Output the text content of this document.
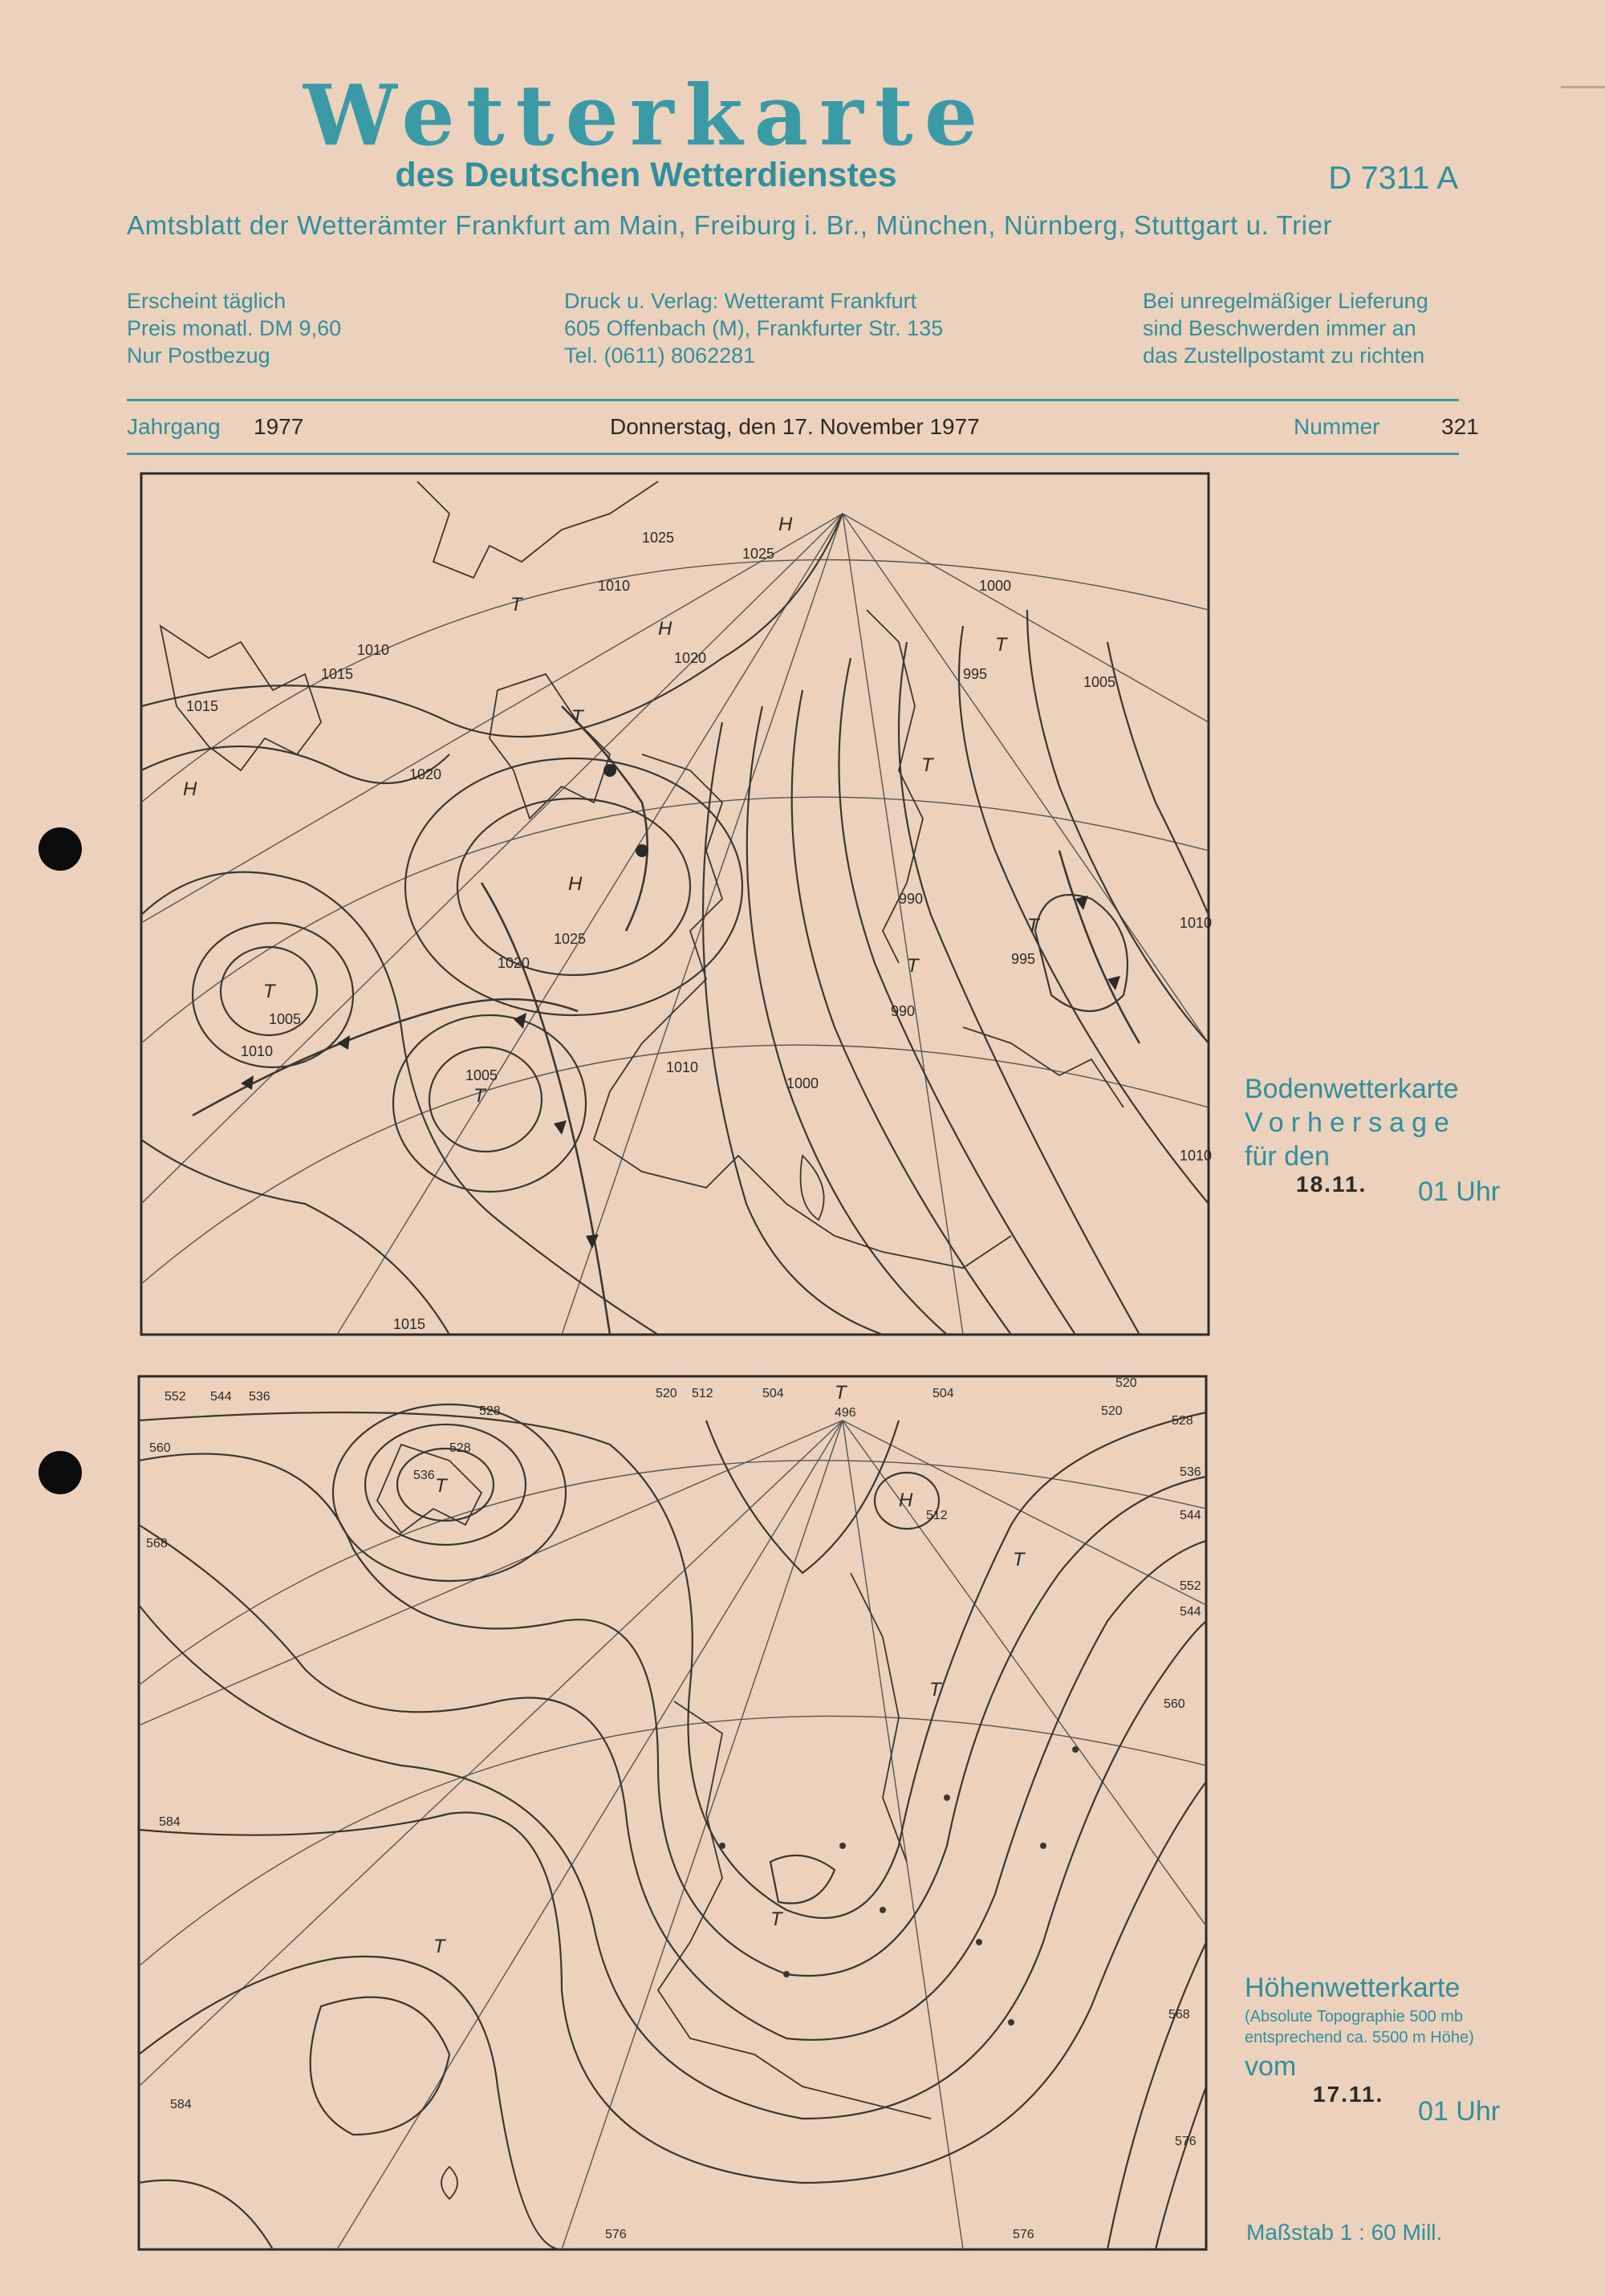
Wetterkarte
des Deutschen Wetterdienstes	D 7311 A
Amtsblatt der Wetterämter Frankfurt am Main, Freiburg i. Br., München, Nürnberg, Stuttgart u. Trier
Erscheint täglich
Preis monatl. DM 9,60
Nur Postbezug
Druck u. Verlag: Wetteramt Frankfurt
605 Offenbach (M), Frankfurter Str. 135
Tel. (0611) 8062281
Bei unregelmäßiger Lieferung
sind Beschwerden immer an
das Zustellpostamt zu richten
Jahrgang 1977	Donnerstag, den 17. November 1977	Nummer	321
1015
1020
1025
1010
1005
1000
995
990
1020
1025
1010
1005	1010
1015
1020
1025
1010
1005
1000
990
995
1010
1010
1015
H
T
T
H
T
T
T
H
T
T
T
H
552 544 536
528
520 512	504
496
504
512
520
528
536
544
552
560
568
576
584
584
576	576
568
560
544
536
528
520
T
T
H
T
T
T
T
Bodenwetterkarte
Vorhersage
für den
18.11. 01 Uhr
Höhenwetterkarte
(Absolute Topographie 500 mb
entsprechend ca. 5500 m Höhe)
vom
17.11.
01 Uhr
Maßstab 1 : 60 Mill.
